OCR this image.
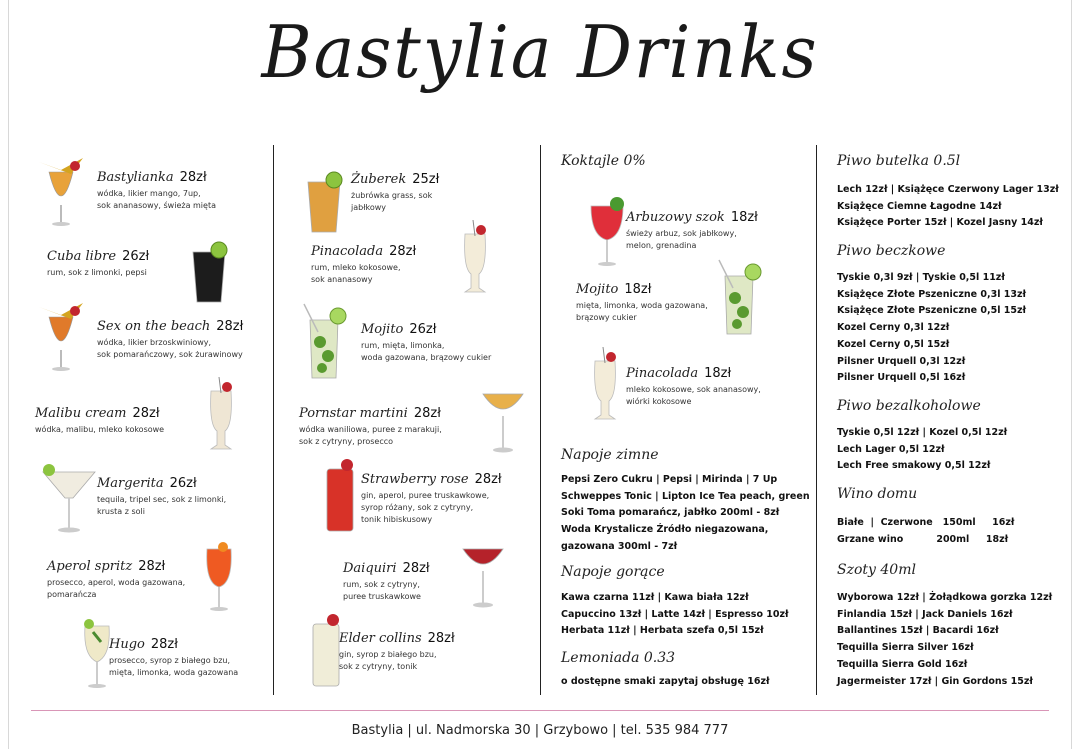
Bastylia Drinks
Bastylianka 28zł
wódka, likier mango, 7up,
sok ananasowy, świeża mięta
Cuba libre 26zł
rum, sok z limonki, pepsi
Sex on the beach 28zł
wódka, likier brzoskwiniowy,
sok pomarańczowy, sok żurawinowy
Malibu cream 28zł
wódka, malibu, mleko kokosowe
Margerita 26zł
tequila, tripel sec, sok z limonki,
krusta z soli
Aperol spritz 28zł
prosecco, aperol, woda gazowana,
pomarańcza
Hugo 28zł
prosecco, syrop z białego bzu,
mięta, limonka, woda gazowana
Żuberek 25zł
żubrówka grass, sok
jabłkowy
Pinacolada 28zł
rum, mleko kokosowe,
sok ananasowy
Mojito 26zł
rum, mięta, limonka,
woda gazowana, brązowy cukier
Pornstar martini 28zł
wódka waniliowa, puree z marakuji,
sok z cytryny, prosecco
Strawberry rose 28zł
gin, aperol, puree truskawkowe,
syrop różany, sok z cytryny,
tonik hibiskusowy
Daiquiri 28zł
rum, sok z cytryny,
puree truskawkowe
Elder collins 28zł
gin, syrop z białego bzu,
sok z cytryny, tonik
Koktajle 0%
Arbuzowy szok 18zł
świeży arbuz, sok jabłkowy,
melon, grenadina
Mojito 18zł
mięta, limonka, woda gazowana,
brązowy cukier
Pinacolada 18zł
mleko kokosowe, sok ananasowy,
wiórki kokosowe
Napoje zimne
Pepsi Zero Cukru | Pepsi | Mirinda | 7 Up
Schweppes Tonic | Lipton Ice Tea peach, green
Soki Toma pomarańcz, jabłko 200ml - 8zł
Woda Krystalicze Źródło niegazowana,
gazowana 300ml - 7zł
Napoje gorące
Kawa czarna 11zł | Kawa biała 12zł
Capuccino 13zł | Latte 14zł | Espresso 10zł
Herbata 11zł | Herbata szefa 0,5l 15zł
Lemoniada 0.33
o dostępne smaki zapytaj obsługę 16zł
Piwo butelka 0.5l
Lech 12zł | Książęce Czerwony Lager 13zł
Książęce Ciemne Łagodne 14zł
Książęce Porter 15zł | Kozel Jasny 14zł
Piwo beczkowe
Tyskie 0,3l 9zł | Tyskie 0,5l 11zł
Książęce Złote Pszeniczne 0,3l 13zł
Książęce Złote Pszeniczne 0,5l 15zł
Kozel Cerny 0,3l 12zł
Kozel Cerny 0,5l 15zł
Pilsner Urquell 0,3l 12zł
Pilsner Urquell 0,5l 16zł
Piwo bezalkoholowe
Tyskie 0,5l 12zł | Kozel 0,5l 12zł
Lech Lager 0,5l 12zł
Lech Free smakowy 0,5l 12zł
Wino domu
Białe  |  Czerwone   150ml     16zł
Grzane wino          200ml     18zł
Szoty 40ml
Wyborowa 12zł | Żołądkowa gorzka 12zł
Finlandia 15zł | Jack Daniels 16zł
Ballantines 15zł | Bacardi 16zł
Tequilla Sierra Silver 16zł
Tequilla Sierra Gold 16zł
Jagermeister 17zł | Gin Gordons 15zł
Bastylia | ul. Nadmorska 30 | Grzybowo | tel. 535 984 777
